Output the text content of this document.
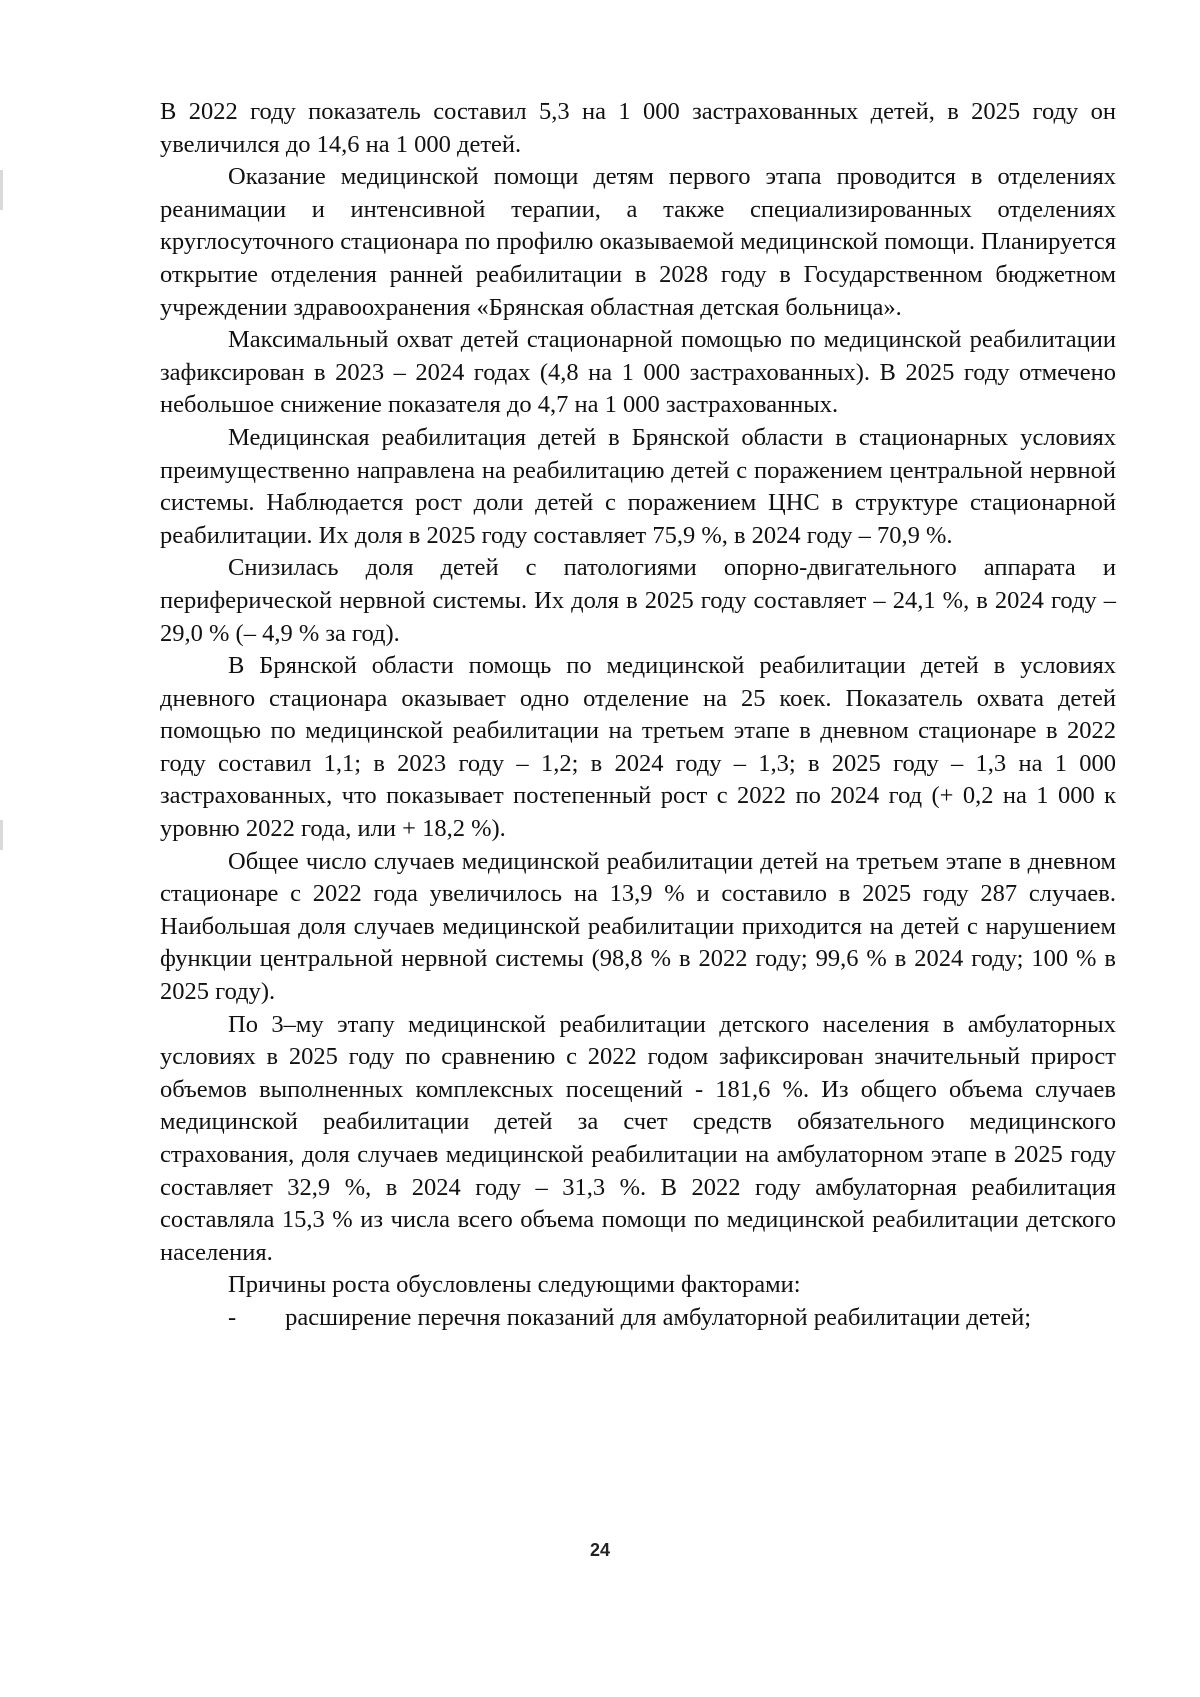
В 2022 году показатель составил 5,3 на 1 000 застрахованных детей, в 2025 году он увеличился до 14,6 на 1 000 детей.

Оказание медицинской помощи детям первого этапа проводится в отделениях реанимации и интенсивной терапии, а также специализированных отделениях круглосуточного стационара по профилю оказываемой медицинской помощи. Планируется открытие отделения ранней реабилитации в 2028 году в Государственном бюджетном учреждении здравоохранения «Брянская областная детская больница».

Максимальный охват детей стационарной помощью по медицинской реабилитации зафиксирован в 2023 – 2024 годах (4,8 на 1 000 застрахованных). В 2025 году отмечено небольшое снижение показателя до 4,7 на 1 000 застрахованных.

Медицинская реабилитация детей в Брянской области в стационарных условиях преимущественно направлена на реабилитацию детей с поражением центральной нервной системы. Наблюдается рост доли детей с поражением ЦНС в структуре стационарной реабилитации. Их доля в 2025 году составляет 75,9 %, в 2024 году – 70,9 %.

Снизилась доля детей с патологиями опорно-двигательного аппарата и периферической нервной системы. Их доля в 2025 году составляет – 24,1 %, в 2024 году – 29,0 % (– 4,9 % за год).

В Брянской области помощь по медицинской реабилитации детей в условиях дневного стационара оказывает одно отделение на 25 коек. Показатель охвата детей помощью по медицинской реабилитации на третьем этапе в дневном стационаре в 2022 году составил 1,1; в 2023 году – 1,2; в 2024 году – 1,3; в 2025 году – 1,3 на 1 000 застрахованных, что показывает постепенный рост с 2022 по 2024 год (+ 0,2 на 1 000 к уровню 2022 года, или + 18,2 %).

Общее число случаев медицинской реабилитации детей на третьем этапе в дневном стационаре с 2022 года увеличилось на 13,9 % и составило в 2025 году 287 случаев. Наибольшая доля случаев медицинской реабилитации приходится на детей с нарушением функции центральной нервной системы (98,8 % в 2022 году; 99,6 % в 2024 году; 100 % в 2025 году).

По 3–му этапу медицинской реабилитации детского населения в амбулаторных условиях в 2025 году по сравнению с 2022 годом зафиксирован значительный прирост объемов выполненных комплексных посещений - 181,6 %. Из общего объема случаев медицинской реабилитации детей за счет средств обязательного медицинского страхования, доля случаев медицинской реабилитации на амбулаторном этапе в 2025 году составляет 32,9 %, в 2024 году – 31,3 %. В 2022 году амбулаторная реабилитация составляла 15,3 % из числа всего объема помощи по медицинской реабилитации детского населения.

Причины роста обусловлены следующими факторами:

-        расширение перечня показаний для амбулаторной реабилитации детей;

24
